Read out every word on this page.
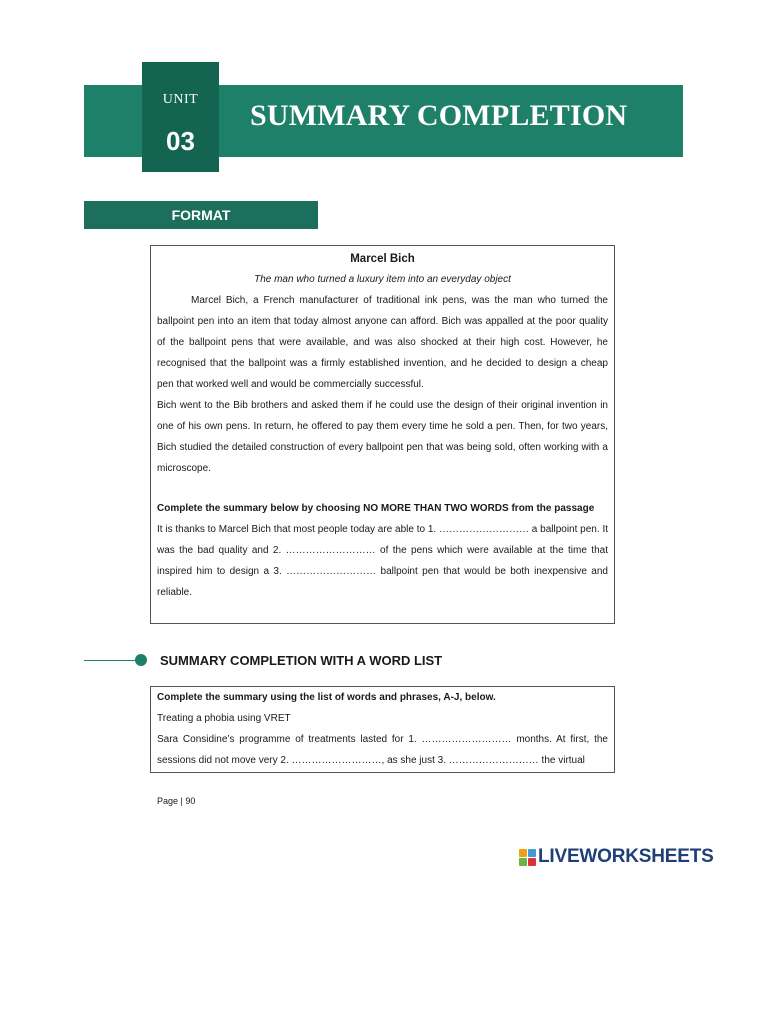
UNIT
03
SUMMARY COMPLETION
FORMAT
Marcel Bich
The man who turned a luxury item into an everyday object

Marcel Bich, a French manufacturer of traditional ink pens, was the man who turned the ballpoint pen into an item that today almost anyone can afford. Bich was appalled at the poor quality of the ballpoint pens that were available, and was also shocked at their high cost. However, he recognised that the ballpoint was a firmly established invention, and he decided to design a cheap pen that worked well and would be commercially successful.

Bich went to the Bib brothers and asked them if he could use the design of their original invention in one of his own pens. In return, he offered to pay them every time he sold a pen. Then, for two years, Bich studied the detailed construction of every ballpoint pen that was being sold, often working with a microscope.

Complete the summary below by choosing NO MORE THAN TWO WORDS from the passage

It is thanks to Marcel Bich that most people today are able to 1. ……………………… a ballpoint pen. It was the bad quality and 2. ……………………… of the pens which were available at the time that inspired him to design a 3. ……………………… ballpoint pen that would be both inexpensive and reliable.

SUMMARY COMPLETION WITH A WORD LIST
Complete the summary using the list of words and phrases, A-J, below.
Treating a phobia using VRET
Sara Considine’s programme of treatments lasted for 1. ……………………… months. At first, the sessions did not move very 2. ………………………, as she just 3. ……………………… the virtual
Page | 90
LIVEWORKSHEETS
